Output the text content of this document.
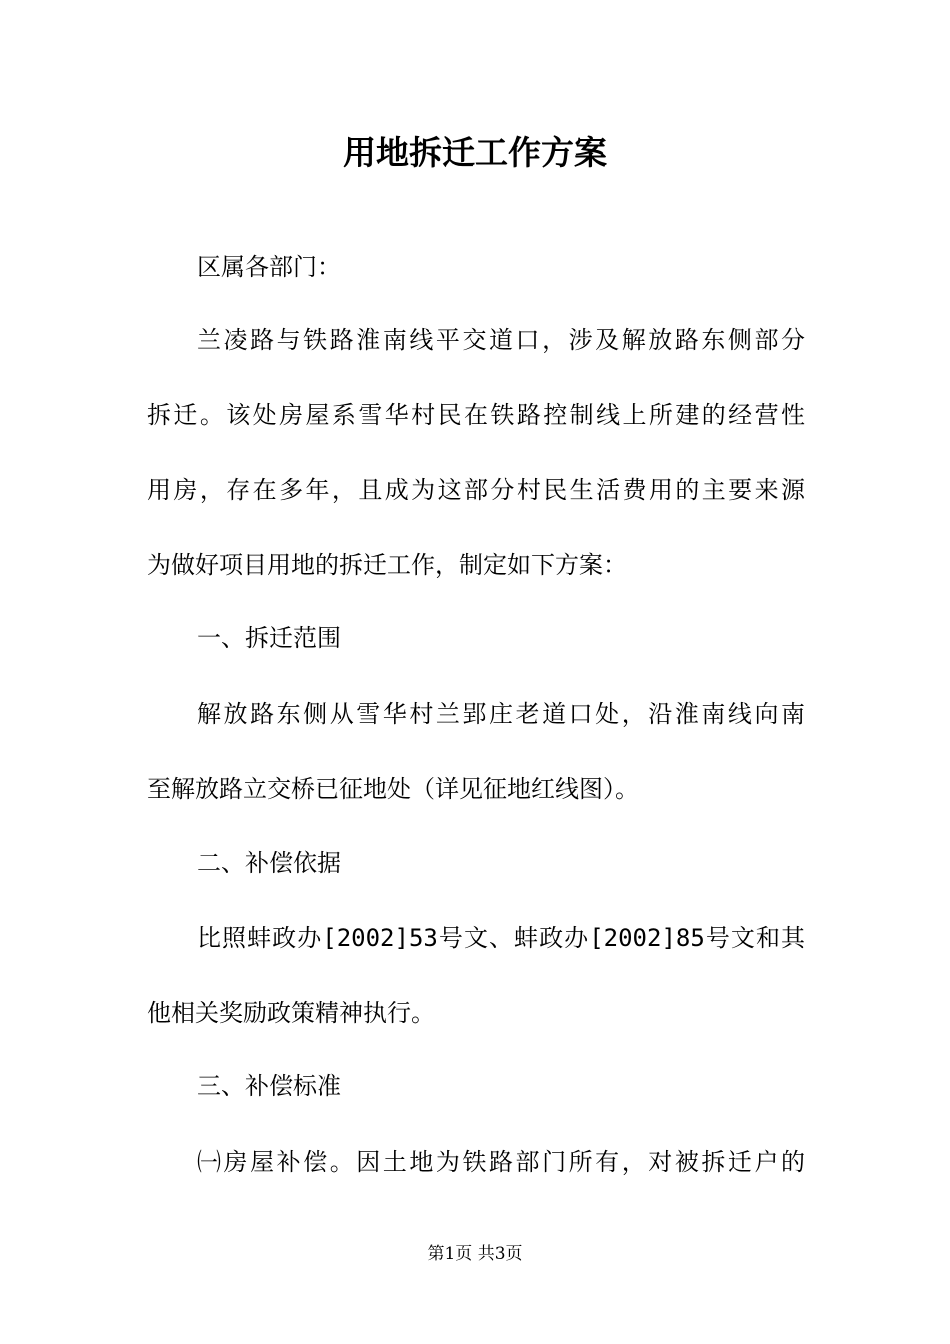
用地拆迁工作方案

区属各部门：

兰凌路与铁路淮南线平交道口，涉及解放路东侧部分

拆迁。该处房屋系雪华村民在铁路控制线上所建的经营性

用房，存在多年，且成为这部分村民生活费用的主要来源

为做好项目用地的拆迁工作，制定如下方案：

一、拆迁范围

解放路东侧从雪华村兰郢庄老道口处，沿淮南线向南

至解放路立交桥已征地处（详见征地红线图）。

二、补偿依据

比照蚌政办[2002]53号文、蚌政办[2002]85号文和其

他相关奖励政策精神执行。

三、补偿标准

㈠房屋补偿。因土地为铁路部门所有，对被拆迁户的

第1页 共3页
